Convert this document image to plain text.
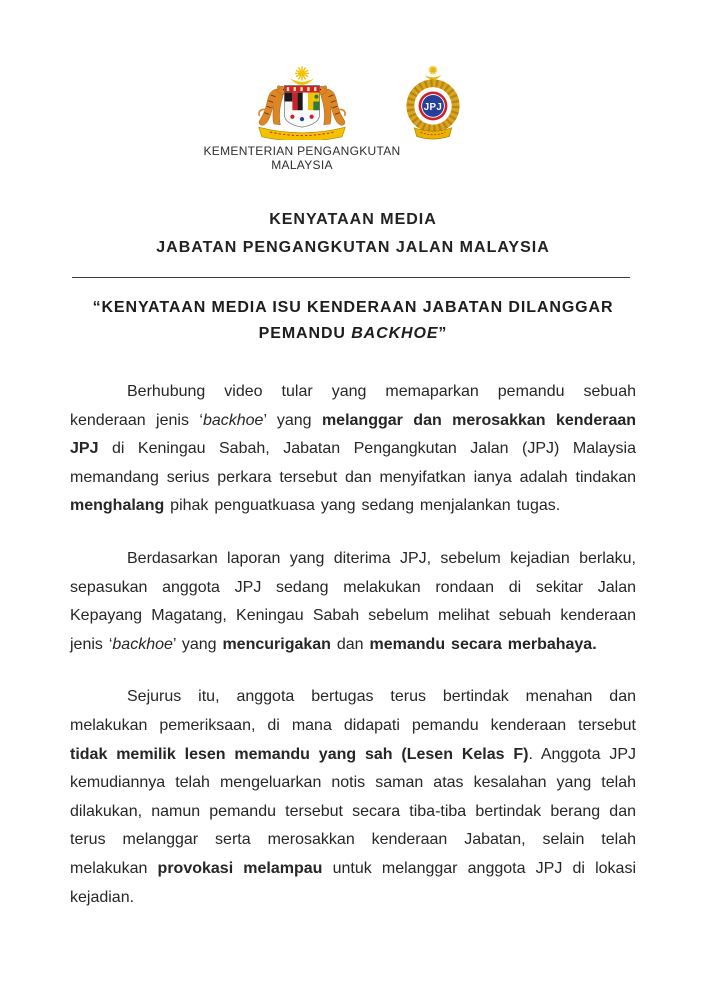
KEMENTERIAN PENGANGKUTAN
MALAYSIA
JPJ
KENYATAAN MEDIA
JABATAN PENGANGKUTAN JALAN MALAYSIA
“KENYATAAN MEDIA ISU KENDERAAN JABATAN DILANGGAR PEMANDU BACKHOE”

Berhubung video tular yang memaparkan pemandu sebuah kenderaan jenis ‘backhoe’ yang melanggar dan merosakkan kenderaan JPJ di Keningau Sabah, Jabatan Pengangkutan Jalan (JPJ) Malaysia memandang serius perkara tersebut dan menyifatkan ianya adalah tindakan menghalang pihak penguatkuasa yang sedang menjalankan tugas.

Berdasarkan laporan yang diterima JPJ, sebelum kejadian berlaku, sepasukan anggota JPJ sedang melakukan rondaan di sekitar Jalan Kepayang Magatang, Keningau Sabah sebelum melihat sebuah kenderaan jenis ‘backhoe’ yang mencurigakan dan memandu secara merbahaya.

Sejurus itu, anggota bertugas terus bertindak menahan dan melakukan pemeriksaan, di mana didapati pemandu kenderaan tersebut tidak memilik lesen memandu yang sah (Lesen Kelas F). Anggota JPJ kemudiannya telah mengeluarkan notis saman atas kesalahan yang telah dilakukan, namun pemandu tersebut secara tiba-tiba bertindak berang dan terus melanggar serta merosakkan kenderaan Jabatan, selain telah melakukan provokasi melampau untuk melanggar anggota JPJ di lokasi kejadian.
